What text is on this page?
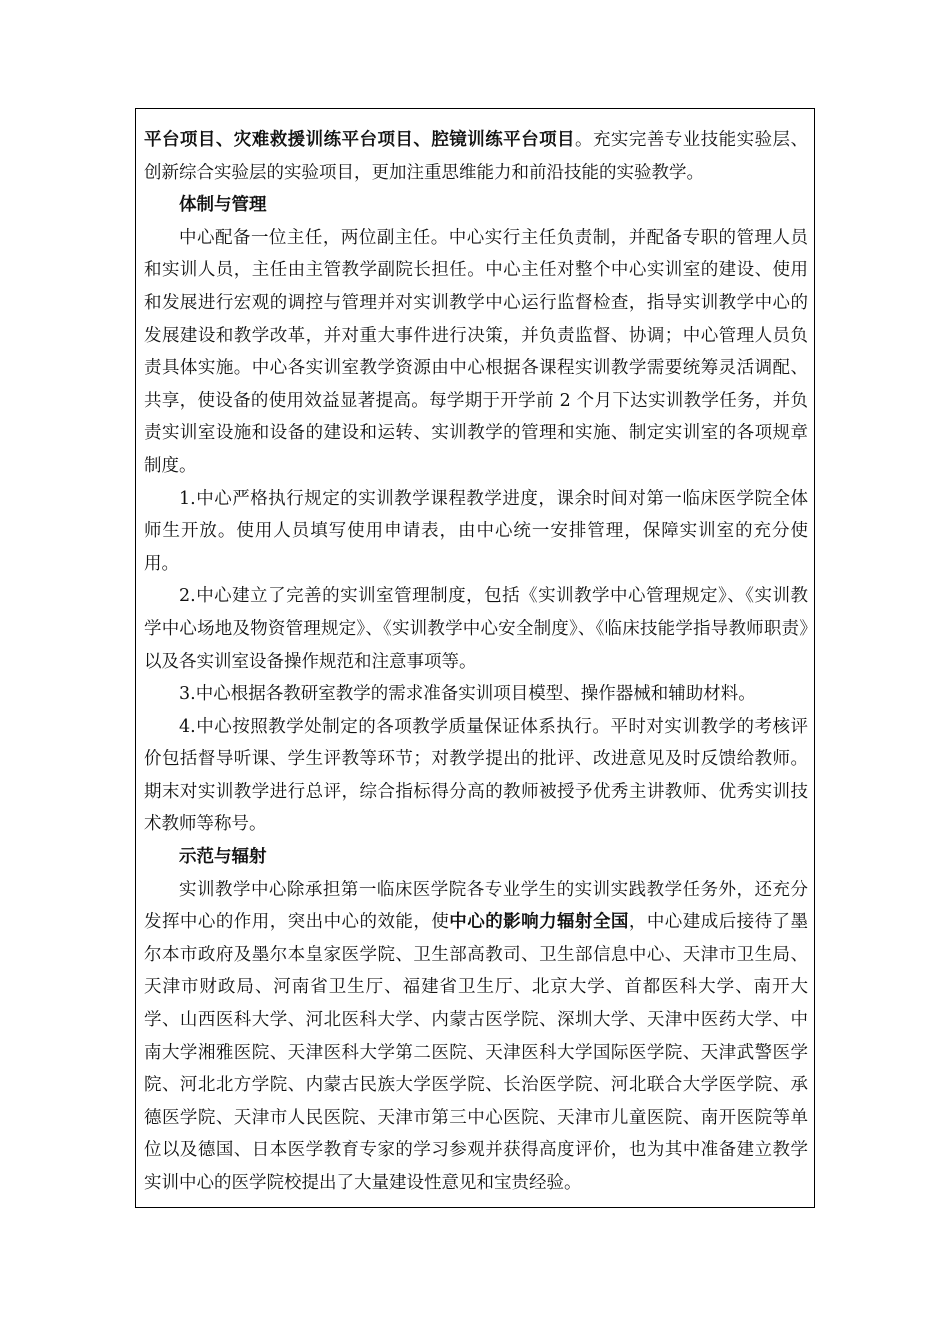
平台项目、灾难救援训练平台项目、腔镜训练平台项目。充实完善专业技能实验层、创新综合实验层的实验项目，更加注重思维能力和前沿技能的实验教学。

体制与管理

中心配备一位主任，两位副主任。中心实行主任负责制，并配备专职的管理人员和实训人员，主任由主管教学副院长担任。中心主任对整个中心实训室的建设、使用和发展进行宏观的调控与管理并对实训教学中心运行监督检查，指导实训教学中心的发展建设和教学改革，并对重大事件进行决策，并负责监督、协调；中心管理人员负责具体实施。中心各实训室教学资源由中心根据各课程实训教学需要统筹灵活调配、共享，使设备的使用效益显著提高。每学期于开学前 2 个月下达实训教学任务，并负责实训室设施和设备的建设和运转、实训教学的管理和实施、制定实训室的各项规章制度。

1.中心严格执行规定的实训教学课程教学进度，课余时间对第一临床医学院全体师生开放。使用人员填写使用申请表，由中心统一安排管理，保障实训室的充分使用。

2.中心建立了完善的实训室管理制度，包括《实训教学中心管理规定》、《实训教学中心场地及物资管理规定》、《实训教学中心安全制度》、《临床技能学指导教师职责》以及各实训室设备操作规范和注意事项等。

3.中心根据各教研室教学的需求准备实训项目模型、操作器械和辅助材料。

4.中心按照教学处制定的各项教学质量保证体系执行。平时对实训教学的考核评价包括督导听课、学生评教等环节；对教学提出的批评、改进意见及时反馈给教师。期末对实训教学进行总评，综合指标得分高的教师被授予优秀主讲教师、优秀实训技术教师等称号。

示范与辐射

实训教学中心除承担第一临床医学院各专业学生的实训实践教学任务外，还充分发挥中心的作用，突出中心的效能，使中心的影响力辐射全国，中心建成后接待了墨尔本市政府及墨尔本皇家医学院、卫生部高教司、卫生部信息中心、天津市卫生局、天津市财政局、河南省卫生厅、福建省卫生厅、北京大学、首都医科大学、南开大学、山西医科大学、河北医科大学、内蒙古医学院、深圳大学、天津中医药大学、中南大学湘雅医院、天津医科大学第二医院、天津医科大学国际医学院、天津武警医学院、河北北方学院、内蒙古民族大学医学院、长治医学院、河北联合大学医学院、承德医学院、天津市人民医院、天津市第三中心医院、天津市儿童医院、南开医院等单位以及德国、日本医学教育专家的学习参观并获得高度评价，也为其中准备建立教学实训中心的医学院校提出了大量建设性意见和宝贵经验。
